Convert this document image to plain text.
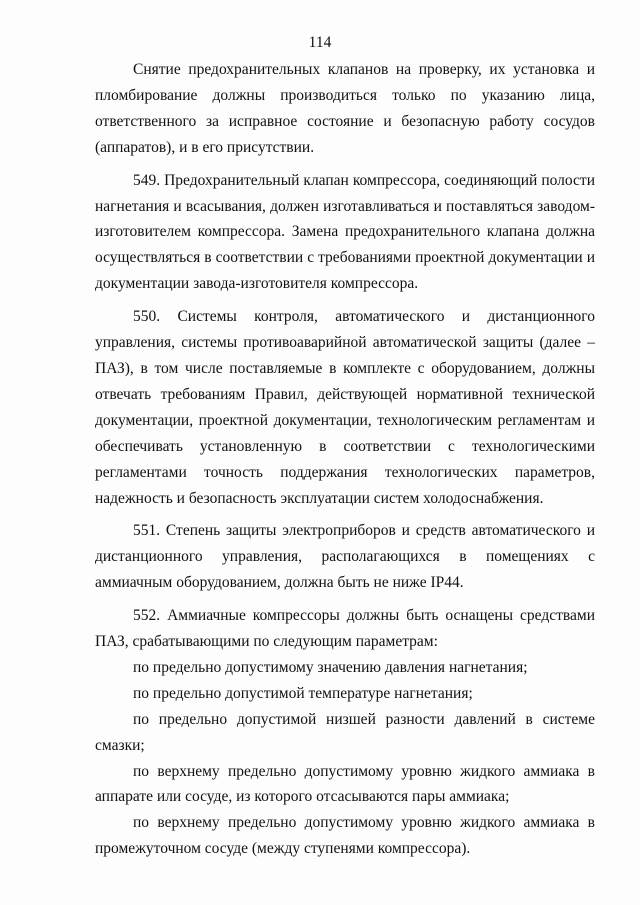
114

Снятие предохранительных клапанов на проверку, их установка и пломбирование должны производиться только по указанию лица, ответственного за исправное состояние и безопасную работу сосудов (аппаратов), и в его присутствии.

549. Предохранительный клапан компрессора, соединяющий полости нагнетания и всасывания, должен изготавливаться и поставляться заводом-изготовителем компрессора. Замена предохранительного клапана должна осуществляться в соответствии с требованиями проектной документации и документации завода-изготовителя компрессора.

550. Системы контроля, автоматического и дистанционного управления, системы противоаварийной автоматической защиты (далее – ПАЗ), в том числе поставляемые в комплекте с оборудованием, должны отвечать требованиям Правил, действующей нормативной технической документации, проектной документации, технологическим регламентам и обеспечивать установленную в соответствии с технологическими регламентами точность поддержания технологических параметров, надежность и безопасность эксплуатации систем холодоснабжения.

551. Степень защиты электроприборов и средств автоматического и дистанционного управления, располагающихся в помещениях с аммиачным оборудованием, должна быть не ниже IP44.

552. Аммиачные компрессоры должны быть оснащены средствами ПАЗ, срабатывающими по следующим параметрам:

по предельно допустимому значению давления нагнетания;

по предельно допустимой температуре нагнетания;

по предельно допустимой низшей разности давлений в системе смазки;

по верхнему предельно допустимому уровню жидкого аммиака в аппарате или сосуде, из которого отсасываются пары аммиака;

по верхнему предельно допустимому уровню жидкого аммиака в промежуточном сосуде (между ступенями компрессора).
